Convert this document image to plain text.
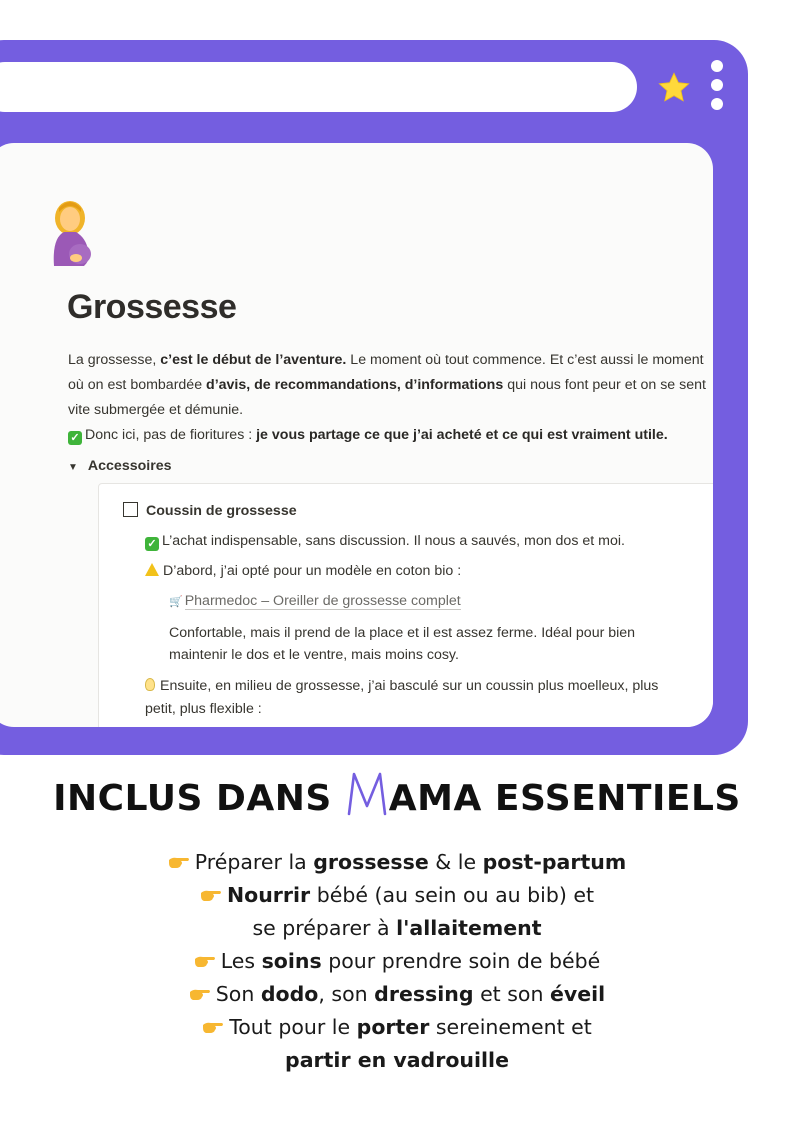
Grossesse

La grossesse, c’est le début de l’aventure. Le moment où tout commence. Et c’est aussi le moment où on est bombardée d’avis, de recommandations, d’informations qui nous font peur et on se sent vite submergée et démunie.

✓ Donc ici, pas de fioritures : je vous partage ce que j’ai acheté et ce qui est vraiment utile.

▼ Accessoires
Coussin de grossesse

✓ L’achat indispensable, sans discussion. Il nous a sauvés, mon dos et moi.

D’abord, j’ai opté pour un modèle en coton bio :

🛒 Pharmedoc – Oreiller de grossesse complet

Confortable, mais il prend de la place et il est assez ferme. Idéal pour bien

maintenir le dos et le ventre, mais moins cosy.

Ensuite, en milieu de grossesse, j’ai basculé sur un coussin plus moelleux, plus

petit, plus flexible :

INCLUS DANS AMA ESSENTIELS
Préparer la grossesse & le post-partum
Nourrir bébé (au sein ou au bib) et
se préparer à l'allaitement
Les soins pour prendre soin de bébé
Son dodo, son dressing et son éveil
Tout pour le porter sereinement et
partir en vadrouille
